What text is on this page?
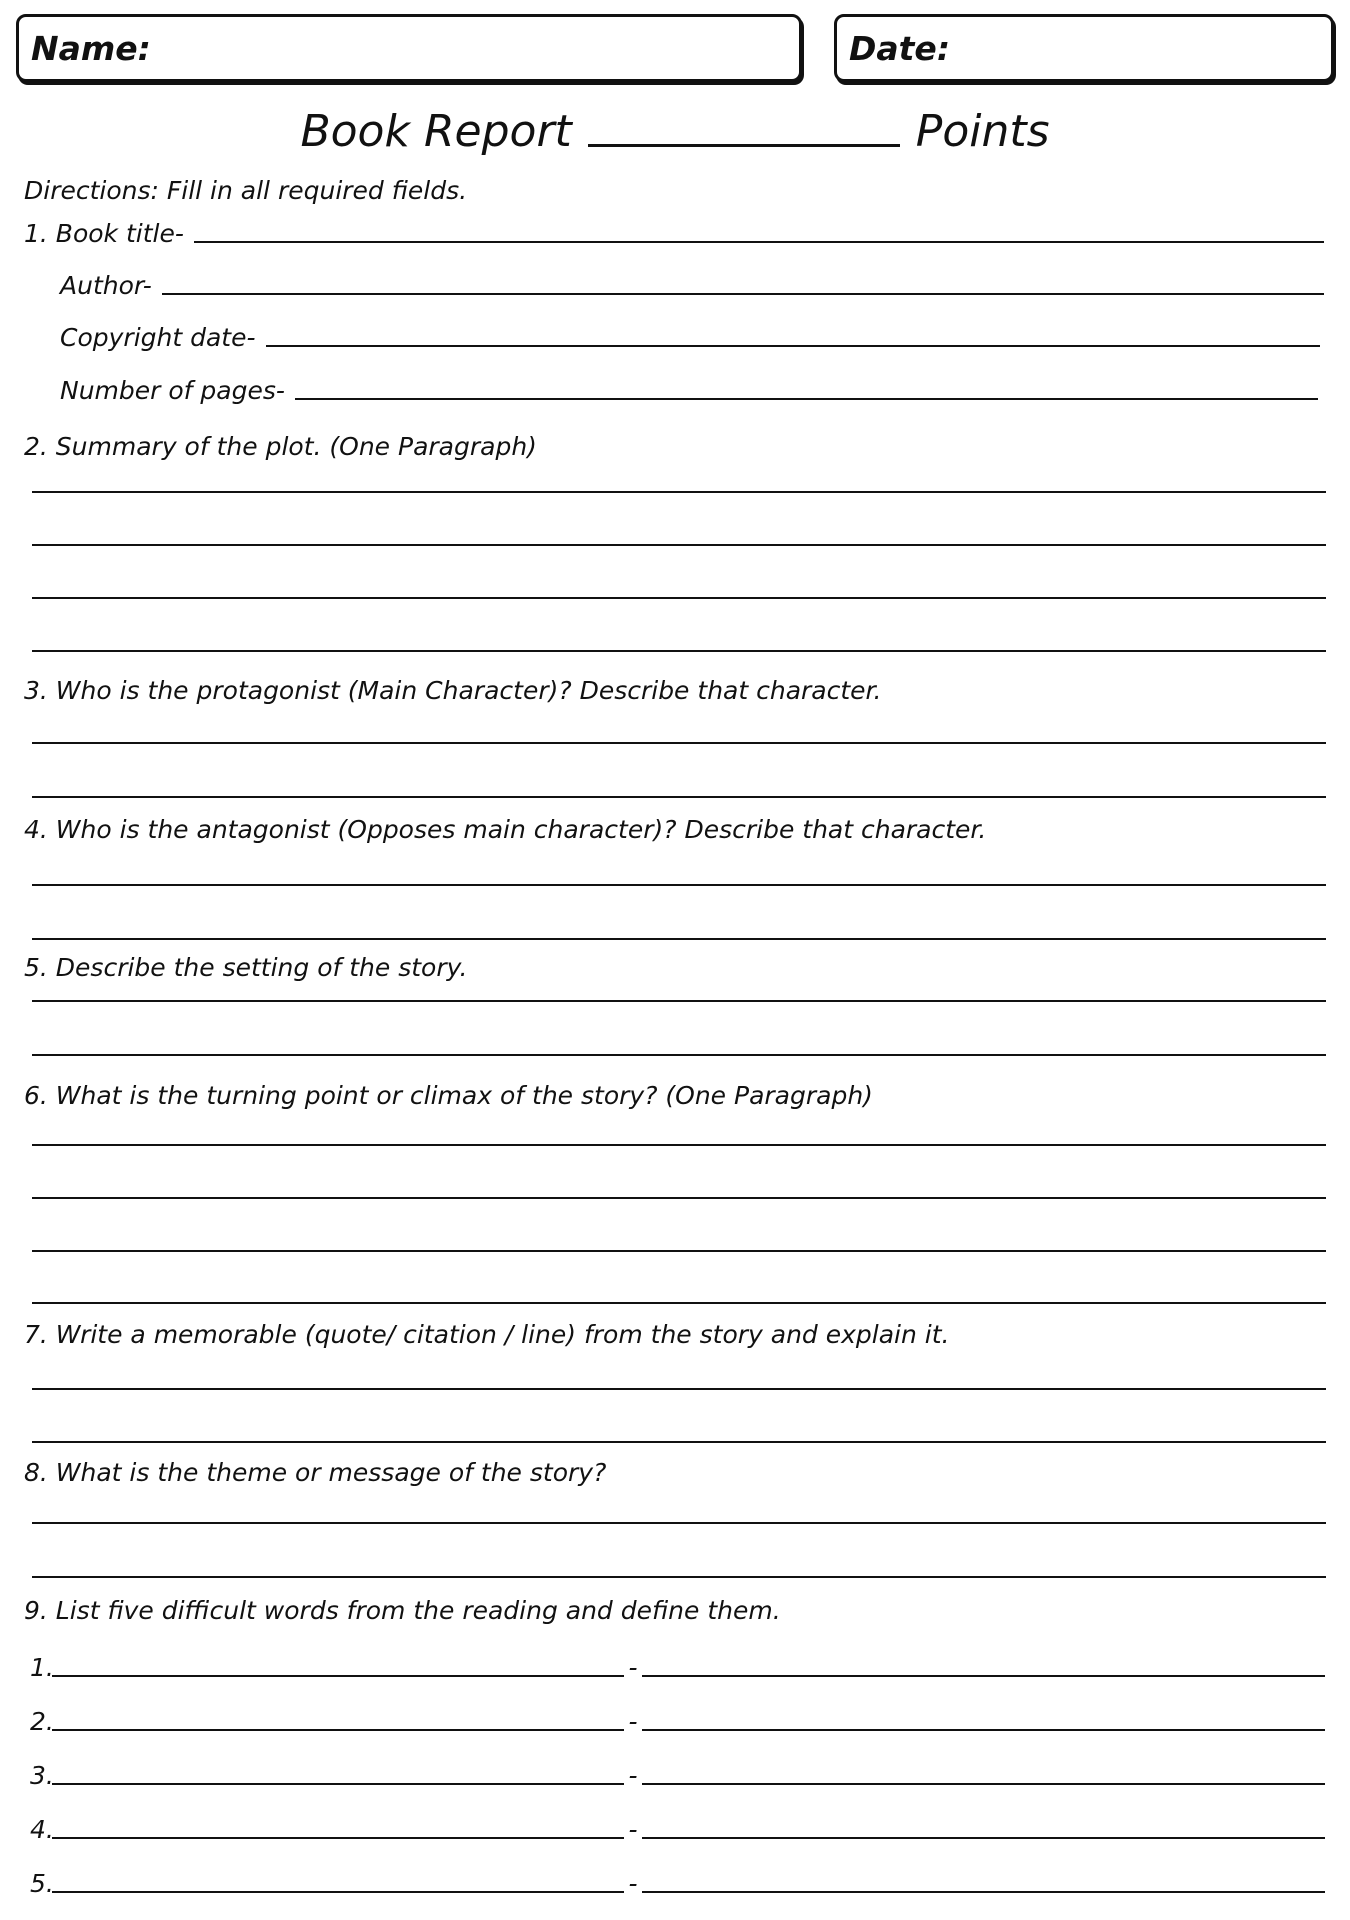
Name:	Date:
Book Report	Points
Directions: Fill in all required fields.
1. Book title-
Author-
Copyright date-
Number of pages-
2. Summary of the plot. (One Paragraph)
3. Who is the protagonist (Main Character)? Describe that character.
4. Who is the antagonist (Opposes main character)? Describe that character.
5. Describe the setting of the story.
6. What is the turning point or climax of the story? (One Paragraph)
7. Write a memorable (quote/ citation / line) from the story and explain it.
8. What is the theme or message of the story?
9. List five difficult words from the reading and define them.
1.	-
2.	-
3.	-
4.	-
5.	-
